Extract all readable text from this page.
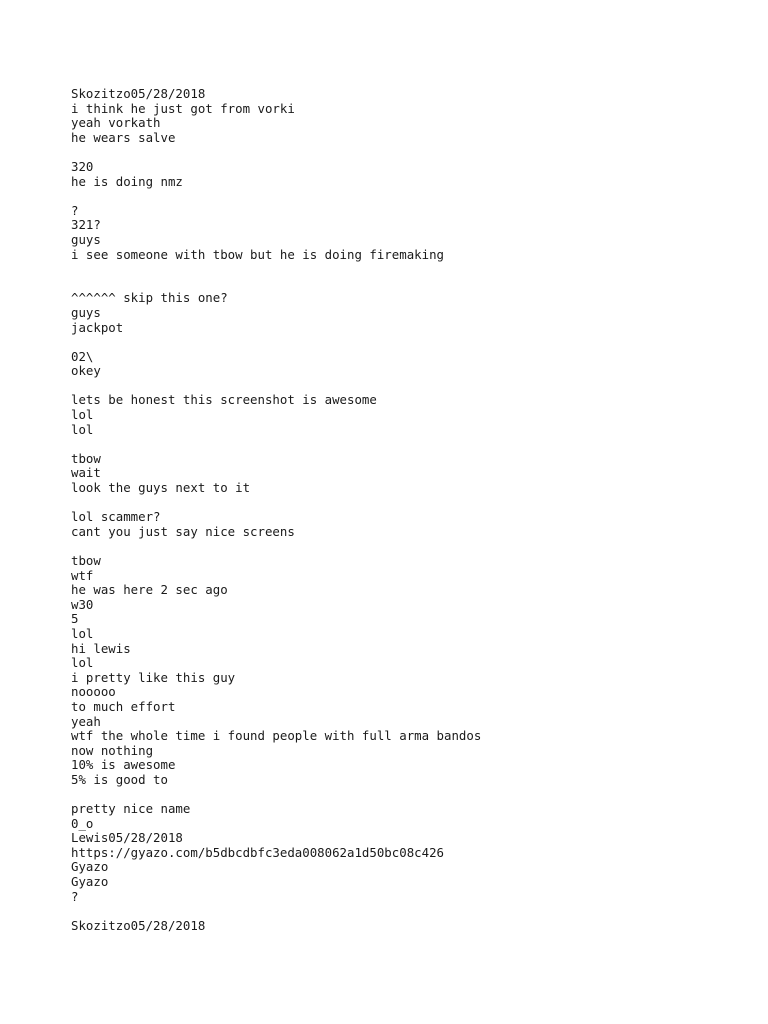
Skozitzo05/28/2018

i think he just got from vorki

yeah vorkath

he wears salve

320

he is doing nmz

?

321?

guys

i see someone with tbow but he is doing firemaking

^^^^^^ skip this one?

guys

jackpot

02\

okey

lets be honest this screenshot is awesome

lol

lol

tbow

wait

look the guys next to it

lol scammer?

cant you just say nice screens

tbow

wtf

he was here 2 sec ago

w30

5

lol

hi lewis

lol

i pretty like this guy

nooooo

to much effort

yeah

wtf the whole time i found people with full arma bandos

now nothing

10% is awesome

5% is good to

pretty nice name

0_o

Lewis05/28/2018

https://gyazo.com/b5dbcdbfc3eda008062a1d50bc08c426

Gyazo

Gyazo

?

Skozitzo05/28/2018
